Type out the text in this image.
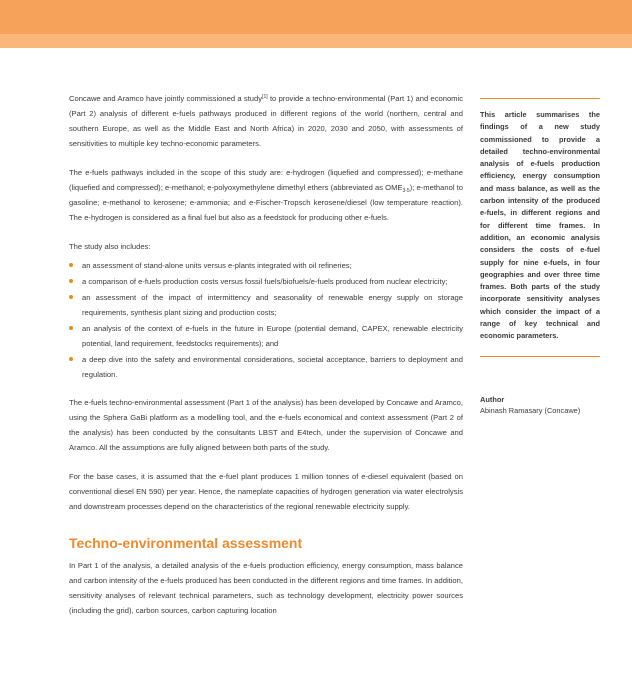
Concawe and Aramco have jointly commissioned a study[1] to provide a techno-environmental (Part 1) and economic (Part 2) analysis of different e-fuels pathways produced in different regions of the world (northern, central and southern Europe, as well as the Middle East and North Africa) in 2020, 2030 and 2050, with assessments of sensitivities to multiple key techno-economic parameters.

The e-fuels pathways included in the scope of this study are: e-hydrogen (liquefied and compressed); e-methane (liquefied and compressed); e-methanol; e-polyoxymethylene dimethyl ethers (abbreviated as $OME_{3-5}$); e-methanol to gasoline; e-methanol to kerosene; e-ammonia; and e-Fischer-Tropsch kerosene/diesel (low temperature reaction). The e-hydrogen is considered as a final fuel but also as a feedstock for producing other e-fuels.

The study also includes:

an assessment of stand-alone units versus e-plants integrated with oil refineries;
a comparison of e-fuels production costs versus fossil fuels/biofuels/e-fuels produced from nuclear electricity;
an assessment of the impact of intermittency and seasonality of renewable energy supply on storage requirements, synthesis plant sizing and production costs;
an analysis of the context of e-fuels in the future in Europe (potential demand, CAPEX, renewable electricity potential, land requirement, feedstocks requirements); and
a deep dive into the safety and environmental considerations, societal acceptance, barriers to deployment and regulation.

The e-fuels techno-environmental assessment (Part 1 of the analysis) has been developed by Concawe and Aramco, using the Sphera GaBi platform as a modelling tool, and the e-fuels economical and context assessment (Part 2 of the analysis) has been conducted by the consultants LBST and E4tech, under the supervision of Concawe and Aramco. All the assumptions are fully aligned between both parts of the study.

For the base cases, it is assumed that the e-fuel plant produces 1 million tonnes of e-diesel equivalent (based on conventional diesel EN 590) per year. Hence, the nameplate capacities of hydrogen generation via water electrolysis and downstream processes depend on the characteristics of the regional renewable electricity supply.

Techno-environmental assessment

In Part 1 of the analysis, a detailed analysis of the e-fuels production efficiency, energy consumption, mass balance and carbon intensity of the e-fuels produced has been conducted in the different regions and time frames. In addition, sensitivity analyses of relevant technical parameters, such as technology development, electricity power sources (including the grid), carbon sources, carbon capturing location

This article summarises the findings of a new study commissioned to provide a detailed techno-environmental analysis of e-fuels production efficiency, energy consumption and mass balance, as well as the carbon intensity of the produced e-fuels, in different regions and for different time frames. In addition, an economic analysis considers the costs of e-fuel supply for nine e-fuels, in four geographies and over three time frames. Both parts of the study incorporate sensitivity analyses which consider the impact of a range of key technical and economic parameters.
Author
Abinash Ramasary (Concawe)
